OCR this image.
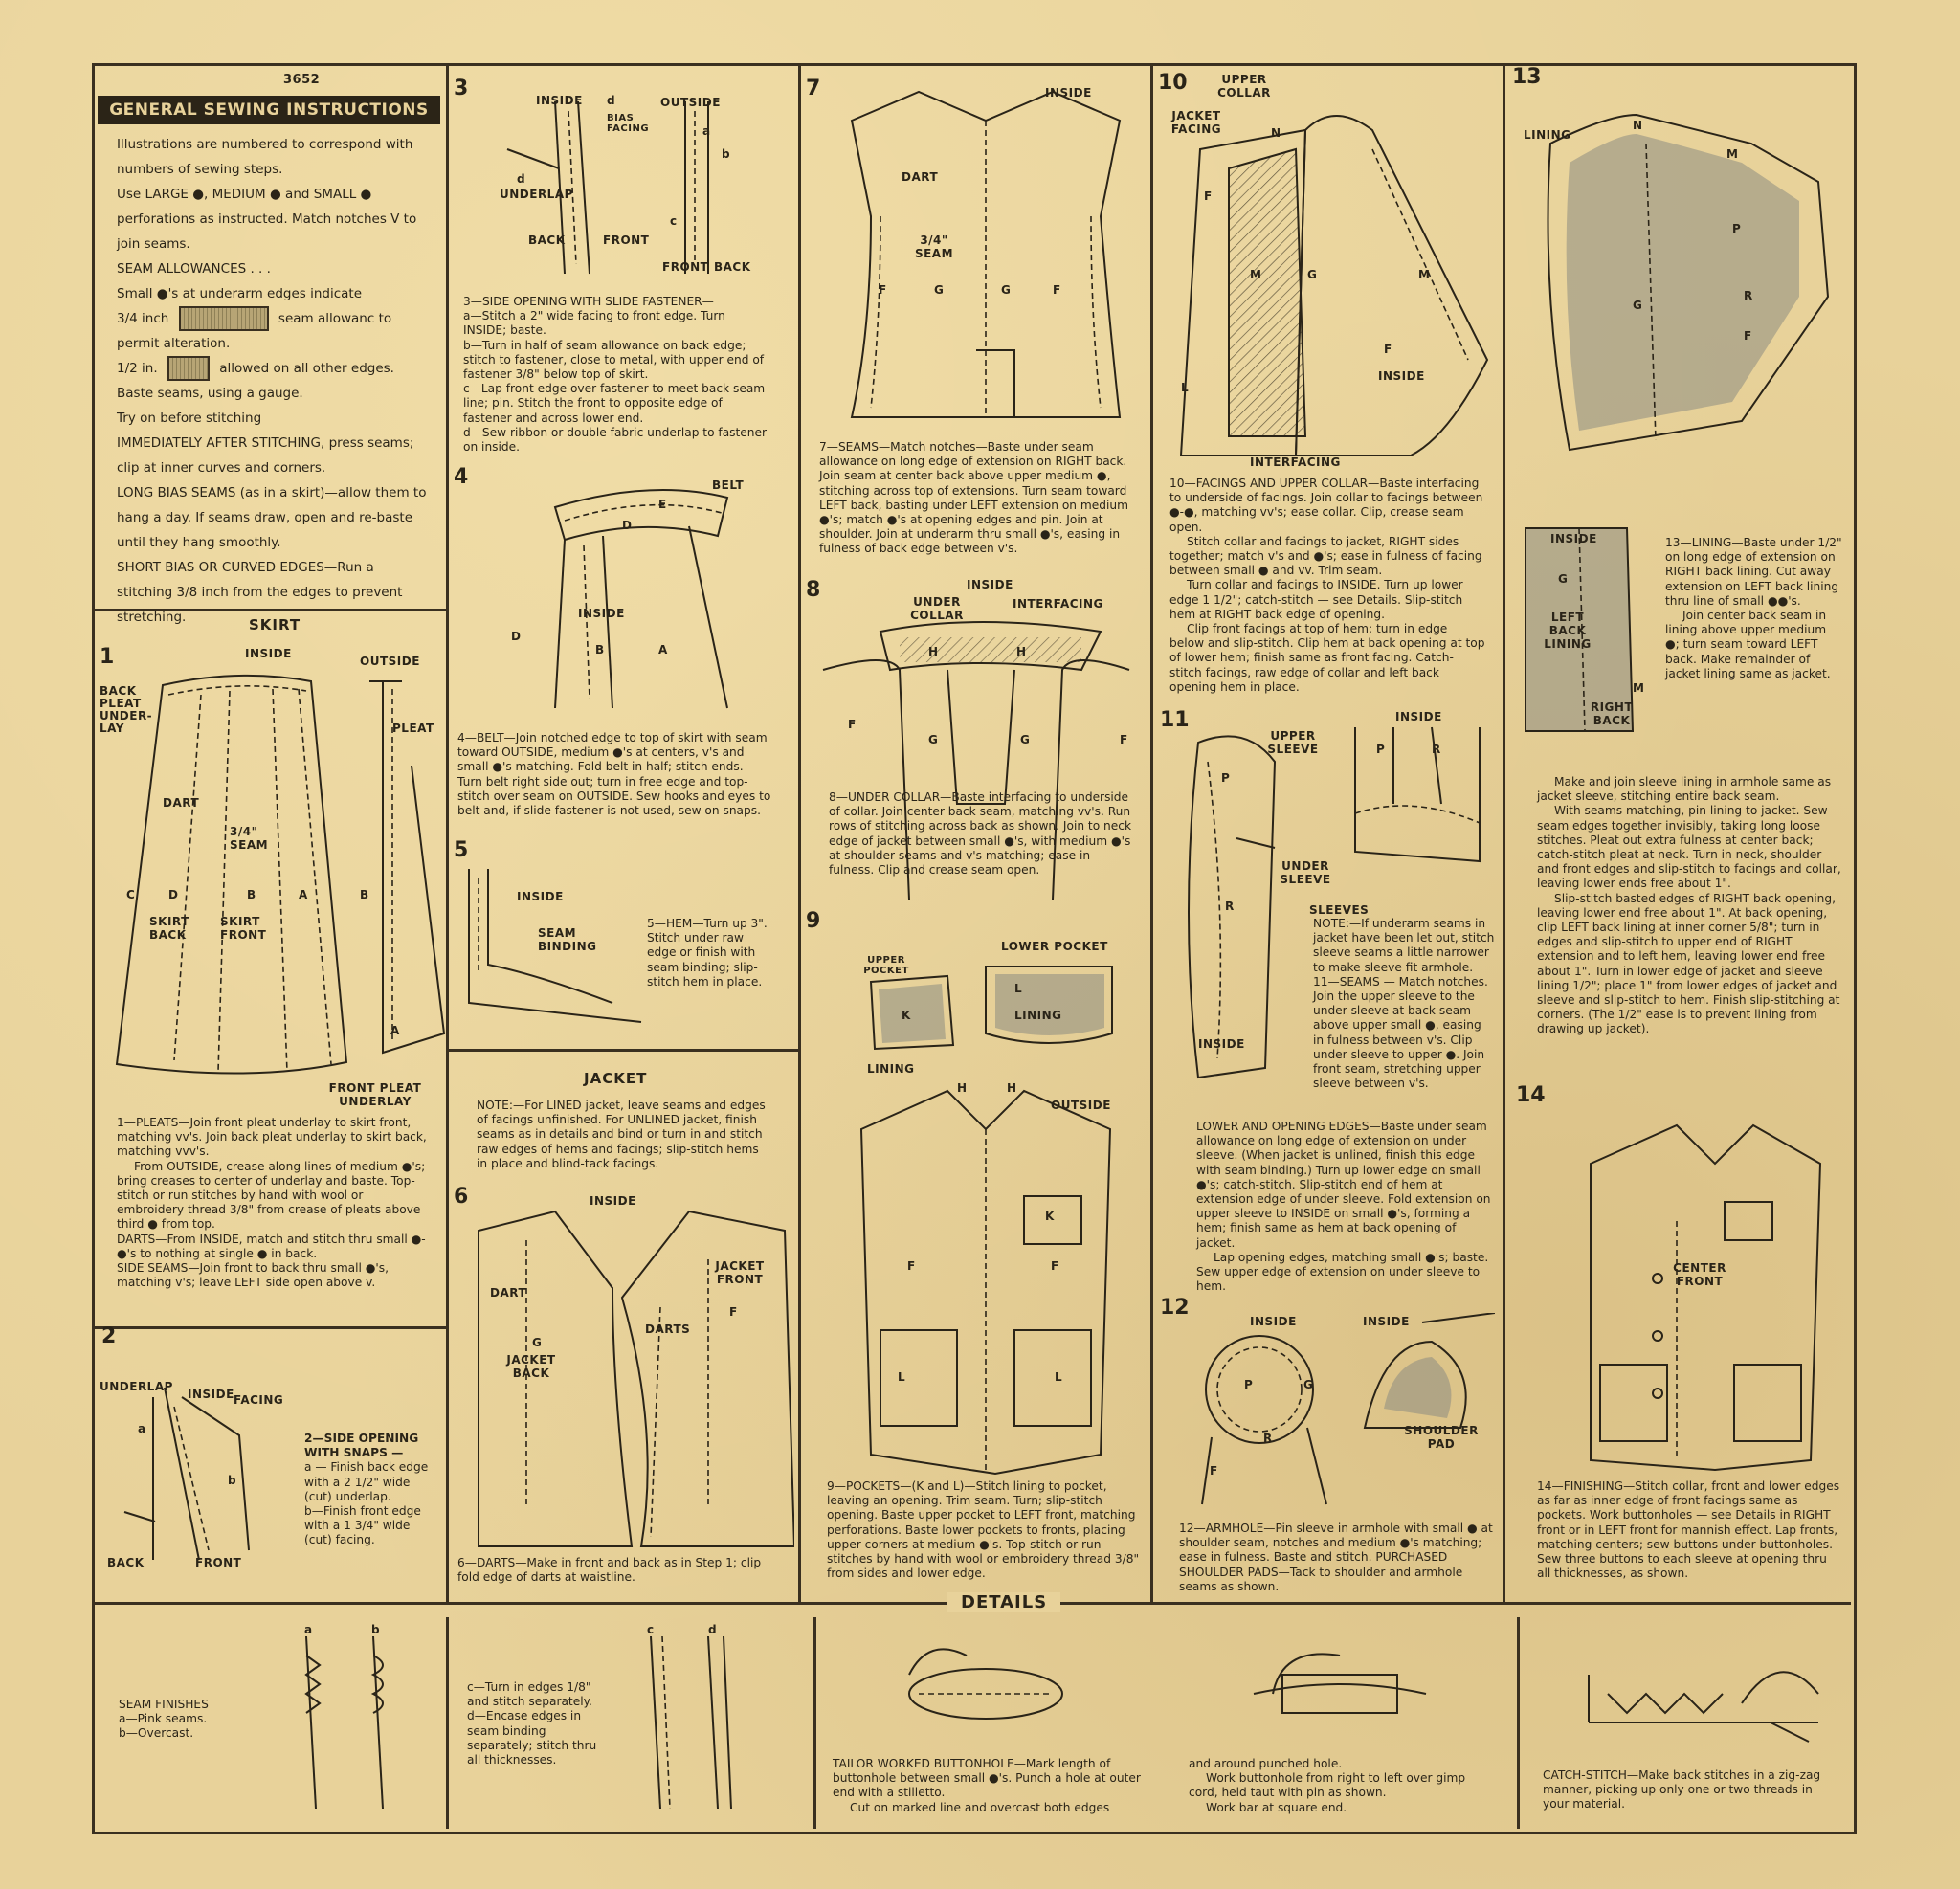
3652
GENERAL SEWING INSTRUCTIONS

Illustrations are numbered to correspond with numbers of sewing steps.

Use LARGE ●, MEDIUM ● and SMALL ● perforations as instructed. Match notches V to join seams.

SEAM ALLOWANCES . . .

Small ●'s at underarm edges indicate

3/4 inch	seam allowanc to permit alteration.

1/2 in.	allowed on all other edges.

Baste seams, using a gauge.

Try on before stitching

IMMEDIATELY AFTER STITCHING, press seams; clip at inner curves and corners.

LONG BIAS SEAMS (as in a skirt)—allow them to hang a day. If seams draw, open and re-baste until they hang smoothly.

SHORT BIAS OR CURVED EDGES—Run a stitching 3/8 inch from the edges to prevent stretching.	SKIRT
1	INSIDE
OUTSIDE
BACK PLEAT UNDER-LAY	PLEAT
DART
3/4" SEAM
C	D	B	A	B
SKIRT BACK
SKIRT FRONT
A
FRONT PLEAT UNDERLAY

1—PLEATS—Join front pleat underlay to skirt front, matching vv's. Join back pleat underlay to skirt back, matching vvv's.

From OUTSIDE, crease along lines of medium ●'s; bring creases to center of underlay and baste. Top-stitch or run stitches by hand with wool or embroidery thread 3/8" from crease of pleats above third ● from top.

DARTS—From INSIDE, match and stitch thru small ●-●'s to nothing at single ● in back.

SIDE SEAMS—Join front to back thru small ●'s, matching v's; leave LEFT side open above v.

2
UNDERLAP
INSIDE FACING
a
b
BACK	FRONT

2—SIDE OPENING WITH SNAPS —

a — Finish back edge with a 2 1/2" wide (cut) underlap.

b—Finish front edge with a 1 3/4" wide (cut) facing.

3	INSIDE d	OUTSIDE
BIAS FACING	a
b
d
UNDERLAP
c
BACK	FRONT
FRONT BACK

3—SIDE OPENING WITH SLIDE FASTENER—

a—Stitch a 2" wide facing to front edge. Turn INSIDE; baste.

b—Turn in half of seam allowance on back edge; stitch to fastener, close to metal, with upper end of fastener 3/8" below top of skirt.

c—Lap front edge over fastener to meet back seam line; pin. Stitch the front to opposite edge of fastener and across lower end.

d—Sew ribbon or double fabric underlap to fastener on inside.

4	BELT
E
D
INSIDE
D
B	A

4—BELT—Join notched edge to top of skirt with seam toward OUTSIDE, medium ●'s at centers, v's and small ●'s matching. Fold belt in half; stitch ends. Turn belt right side out; turn in free edge and top-stitch over seam on OUTSIDE. Sew hooks and eyes to belt and, if slide fastener is not used, sew on snaps.

5
INSIDE
SEAM BINDING

5—HEM—Turn up 3". Stitch under raw edge or finish with seam binding; slip-stitch hem in place.

JACKET
NOTE:—For LINED jacket, leave seams and edges of facings unfinished. For UNLINED jacket, finish seams as in details and bind or turn in and stitch raw edges of hems and facings; slip-stitch hems in place and blind-tack facings.
6	INSIDE
DART
JACKET FRONT
G
JACKET BACK
DARTS
F

6—DARTS—Make in front and back as in Step 1; clip fold edge of darts at waistline.

7	INSIDE
DART
3/4" SEAM
F	G	G	F

7—SEAMS—Match notches—Baste under seam allowance on long edge of extension on RIGHT back. Join seam at center back above upper medium ●, stitching across top of extensions. Turn seam toward LEFT back, basting under LEFT extension on medium ●'s; match ●'s at opening edges and pin. Join at shoulder. Join at underarm thru small ●'s, easing in fulness of back edge between v's.

8	INSIDE
UNDER COLLAR
INTERFACING
H	H
F
G	G	F

8—UNDER COLLAR—Baste interfacing to underside of collar. Join center back seam, matching vv's. Run rows of stitching across back as shown. Join to neck edge of jacket between small ●'s, with medium ●'s at shoulder seams and v's matching; ease in fulness. Clip and crease seam open.

9
UPPER POCKET
K
LOWER POCKET
L
LINING
LINING
H	H
OUTSIDE
K
F	F
L	L

9—POCKETS—(K and L)—Stitch lining to pocket, leaving an opening. Trim seam. Turn; slip-stitch opening. Baste upper pocket to LEFT front, matching perforations. Baste lower pockets to fronts, placing upper corners at medium ●'s. Top-stitch or run stitches by hand with wool or embroidery thread 3/8" from sides and lower edge.

10	UPPER COLLAR
JACKET FACING	N
F
M	G	M
F
INSIDE
L
INTERFACING

10—FACINGS AND UPPER COLLAR—Baste interfacing to underside of facings. Join collar to facings between ●-●, matching vv's; ease collar. Clip, crease seam open.

Stitch collar and facings to jacket, RIGHT sides together; match v's and ●'s; ease in fulness of facing between small ● and vv. Trim seam.

Turn collar and facings to INSIDE. Turn up lower edge 1 1/2"; catch-stitch — see Details. Slip-stitch hem at RIGHT back edge of opening.

Clip front facings at top of hem; turn in edge below and slip-stitch. Clip hem at back opening at top of lower hem; finish same as front facing. Catch-stitch facings, raw edge of collar and left back opening hem in place.

11
UPPER SLEEVE
P
INSIDE
P	R
UNDER SLEEVE
R
INSIDE
SLEEVES

NOTE:—If underarm seams in jacket have been let out, stitch sleeve seams a little narrower to make sleeve fit armhole.

11—SEAMS — Match notches. Join the upper sleeve to the under sleeve at back seam above upper small ●, easing in fulness between v's. Clip under sleeve to upper ●. Join front seam, stretching upper sleeve between v's.

LOWER AND OPENING EDGES—Baste under seam allowance on long edge of extension on under sleeve. (When jacket is unlined, finish this edge with seam binding.) Turn up lower edge on small ●'s; catch-stitch. Slip-stitch end of hem at extension edge of under sleeve. Fold extension on upper sleeve to INSIDE on small ●'s, forming a hem; finish same as hem at back opening of jacket.

Lap opening edges, matching small ●'s; baste. Sew upper edge of extension on under sleeve to hem.

12
INSIDE	INSIDE
P	G
R
F
SHOULDER PAD

12—ARMHOLE—Pin sleeve in armhole with small ● at shoulder seam, notches and medium ●'s matching; ease in fulness. Baste and stitch. PURCHASED SHOULDER PADS—Tack to shoulder and armhole seams as shown.

13
LINING
N
M
P
G
R
F
INSIDE
G
LEFT BACK LINING
M
RIGHT BACK

13—LINING—Baste under 1/2" on long edge of extension on RIGHT back lining. Cut away extension on LEFT back lining thru line of small ●●'s.

Join center back seam in lining above upper medium ●; turn seam toward LEFT back. Make remainder of jacket lining same as jacket.

Make and join sleeve lining in armhole same as jacket sleeve, stitching entire back seam.

With seams matching, pin lining to jacket. Sew seam edges together invisibly, taking long loose stitches. Pleat out extra fulness at center back; catch-stitch pleat at neck. Turn in neck, shoulder and front edges and slip-stitch to facings and collar, leaving lower ends free about 1".

Slip-stitch basted edges of RIGHT back opening, leaving lower end free about 1". At back opening, clip LEFT back lining at inner corner 5/8"; turn in edges and slip-stitch to upper end of RIGHT extension and to left hem, leaving lower end free about 1". Turn in lower edge of jacket and sleeve lining 1/2"; place 1" from lower edges of jacket and sleeve and slip-stitch to hem. Finish slip-stitching at corners. (The 1/2" ease is to prevent lining from drawing up jacket).

14
CENTER FRONT

14—FINISHING—Stitch collar, front and lower edges as far as inner edge of front facings same as pockets. Work buttonholes — see Details in RIGHT front or in LEFT front for mannish effect. Lap fronts, matching centers; sew buttons under buttonholes. Sew three buttons to each sleeve at opening thru all thicknesses, as shown.

DETAILS
a	b

SEAM FINISHES

a—Pink seams.

b—Overcast.

c—Turn in edges 1/8" and stitch separately.

d—Encase edges in seam binding separately; stitch thru all thicknesses.

c	d

TAILOR WORKED BUTTONHOLE—Mark length of buttonhole between small ●'s. Punch a hole at outer end with a stilletto.

Cut on marked line and overcast both edges

and around punched hole.

Work buttonhole from right to left over gimp cord, held taut with pin as shown.

Work bar at square end.

CATCH-STITCH—Make back stitches in a zig-zag manner, picking up only one or two threads in your material.
